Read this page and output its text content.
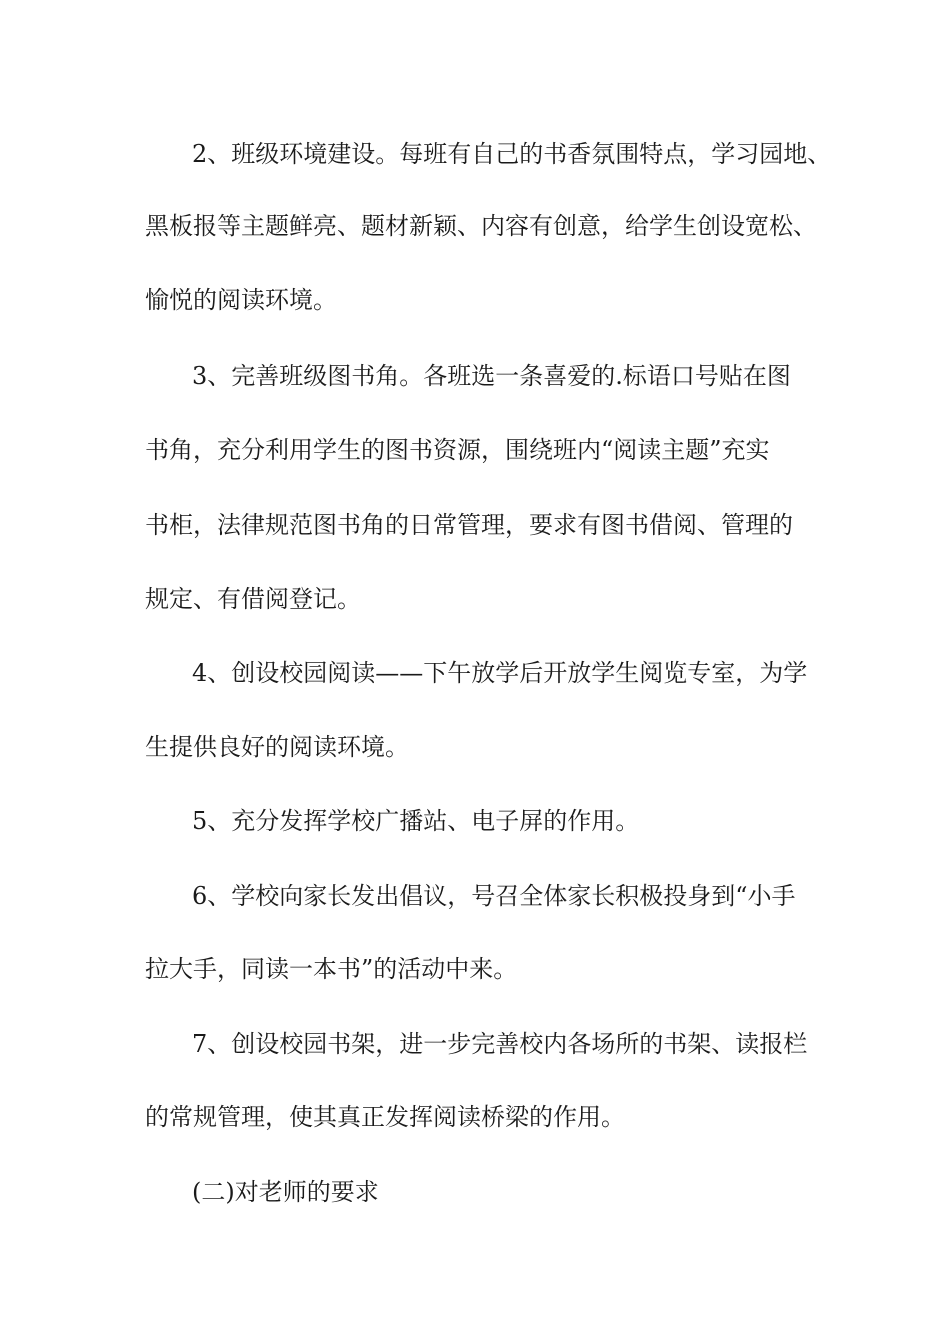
2、班级环境建设。每班有自己的书香氛围特点，学习园地、
黑板报等主题鲜亮、题材新颖、内容有创意，给学生创设宽松、
愉悦的阅读环境。
3、完善班级图书角。各班选一条喜爱的.标语口号贴在图
书角，充分利用学生的图书资源，围绕班内“阅读主题”充实
书柜，法律规范图书角的日常管理，要求有图书借阅、管理的
规定、有借阅登记。
4、创设校园阅读——下午放学后开放学生阅览专室，为学
生提供良好的阅读环境。
5、充分发挥学校广播站、电子屏的作用。
6、学校向家长发出倡议，号召全体家长积极投身到“小手
拉大手，同读一本书”的活动中来。
7、创设校园书架，进一步完善校内各场所的书架、读报栏
的常规管理，使其真正发挥阅读桥梁的作用。
(二)对老师的要求
